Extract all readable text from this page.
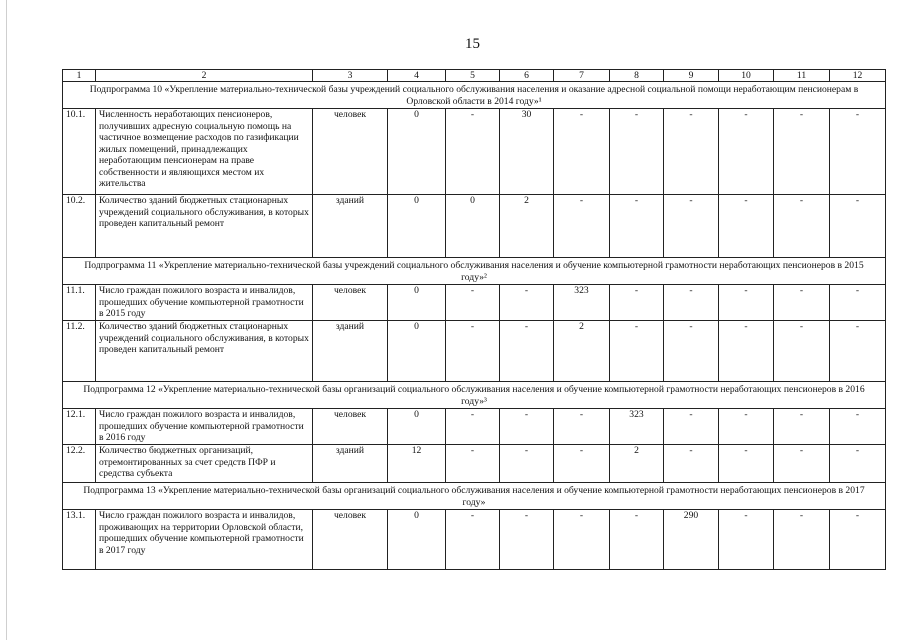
15
1	2	3	4	5	6	7	8	9	10	11	12
Подпрограмма 10 «Укрепление материально-технической базы учреждений социального обслуживания населения и оказание адресной социальной помощи неработающим пенсионерам в Орловской области в 2014 году»¹											
10.1.	Численность неработающих пенсионеров, получивших адресную социальную помощь на частичное возмещение расходов по газификации жилых помещений, принадлежащих неработающим пенсионерам на праве собственности и являющихся местом их жительства	человек	0	-	30	-	-	-	-	-	-
10.2.	Количество зданий бюджетных стационарных учреждений социального обслуживания, в которых проведен капитальный ремонт	зданий	0	0	2	-	-	-	-	-	-
Подпрограмма 11 «Укрепление материально-технической базы учреждений социального обслуживания населения и обучение компьютерной грамотности неработающих пенсионеров в 2015 году»²											
11.1.	Число граждан пожилого возраста и инвалидов, прошедших обучение компьютерной грамотности в 2015 году	человек	0	-	-	323	-	-	-	-	-
11.2.	Количество зданий бюджетных стационарных учреждений социального обслуживания, в которых проведен капитальный ремонт	зданий	0	-	-	2	-	-	-	-	-
Подпрограмма 12 «Укрепление материально-технической базы организаций социального обслуживания населения и обучение компьютерной грамотности неработающих пенсионеров в 2016 году»³											
12.1.	Число граждан пожилого возраста и инвалидов, прошедших обучение компьютерной грамотности в 2016 году	человек	0	-	-	-	323	-	-	-	-
12.2.	Количество бюджетных организаций, отремонтированных за счет средств ПФР и средства субъекта	зданий	12	-	-	-	2	-	-	-	-
Подпрограмма 13 «Укрепление материально-технической базы организаций социального обслуживания населения и обучение компьютерной грамотности неработающих пенсионеров в 2017 году»											
13.1.	Число граждан пожилого возраста и инвалидов, проживающих на территории Орловской области, прошедших обучение компьютерной грамотности в 2017 году	человек	0	-	-	-	-	290	-	-	-
